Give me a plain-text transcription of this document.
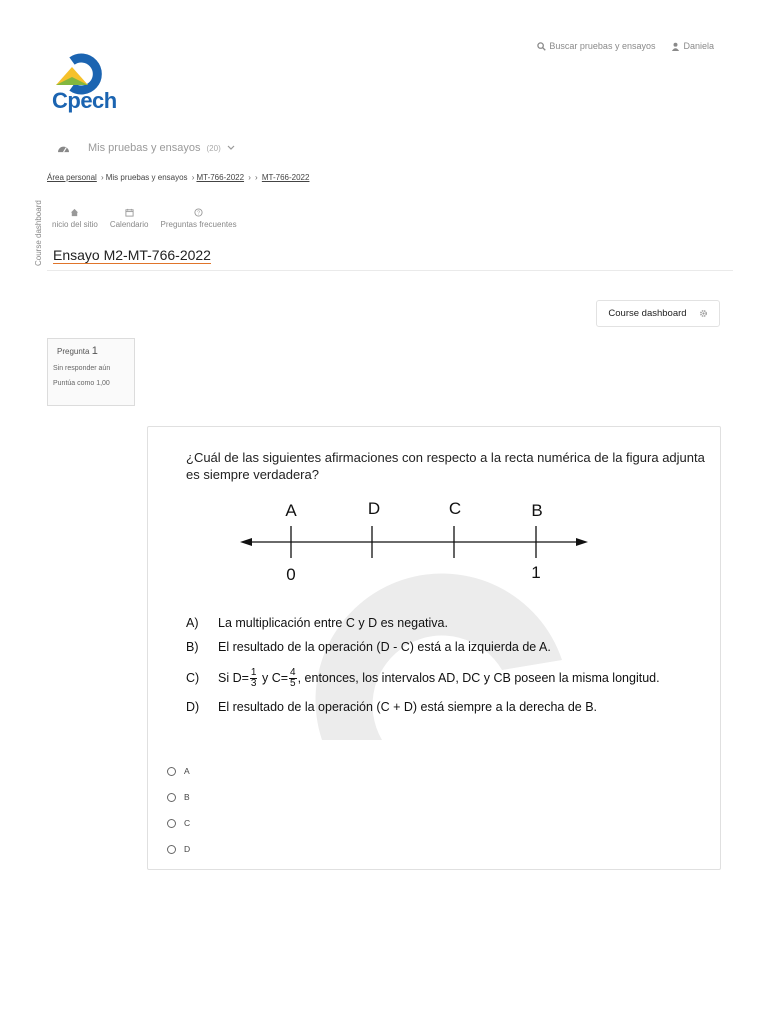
Buscar pruebas y ensayos	Daniela
Cpech
Mis pruebas y ensayos (20)
Área personal › Mis pruebas y ensayos › MT-766-2022 › › MT-766-2022
Course dashboard nicio del sitio Calendario
?
Preguntas frecuentes
Ensayo M2-MT-766-2022
Course dashboard
Pregunta 1
Sin responder aún
Puntúa como 1,00
¿Cuál de las siguientes afirmaciones con respecto a la recta numérica de la figura adjunta es siempre verdadera?
A	D	C	B
0	1
A) La multiplicación entre C y D es negativa.
B) El resultado de la operación (D - C) está a la izquierda de A.
C) Si $D= \frac{1}{3}$ y $C= \frac{4}{5}$ , entonces, los intervalos AD, DC y CB poseen la misma longitud.
D) El resultado de la operación (C + D) está siempre a la derecha de B.
A
B
C
D
